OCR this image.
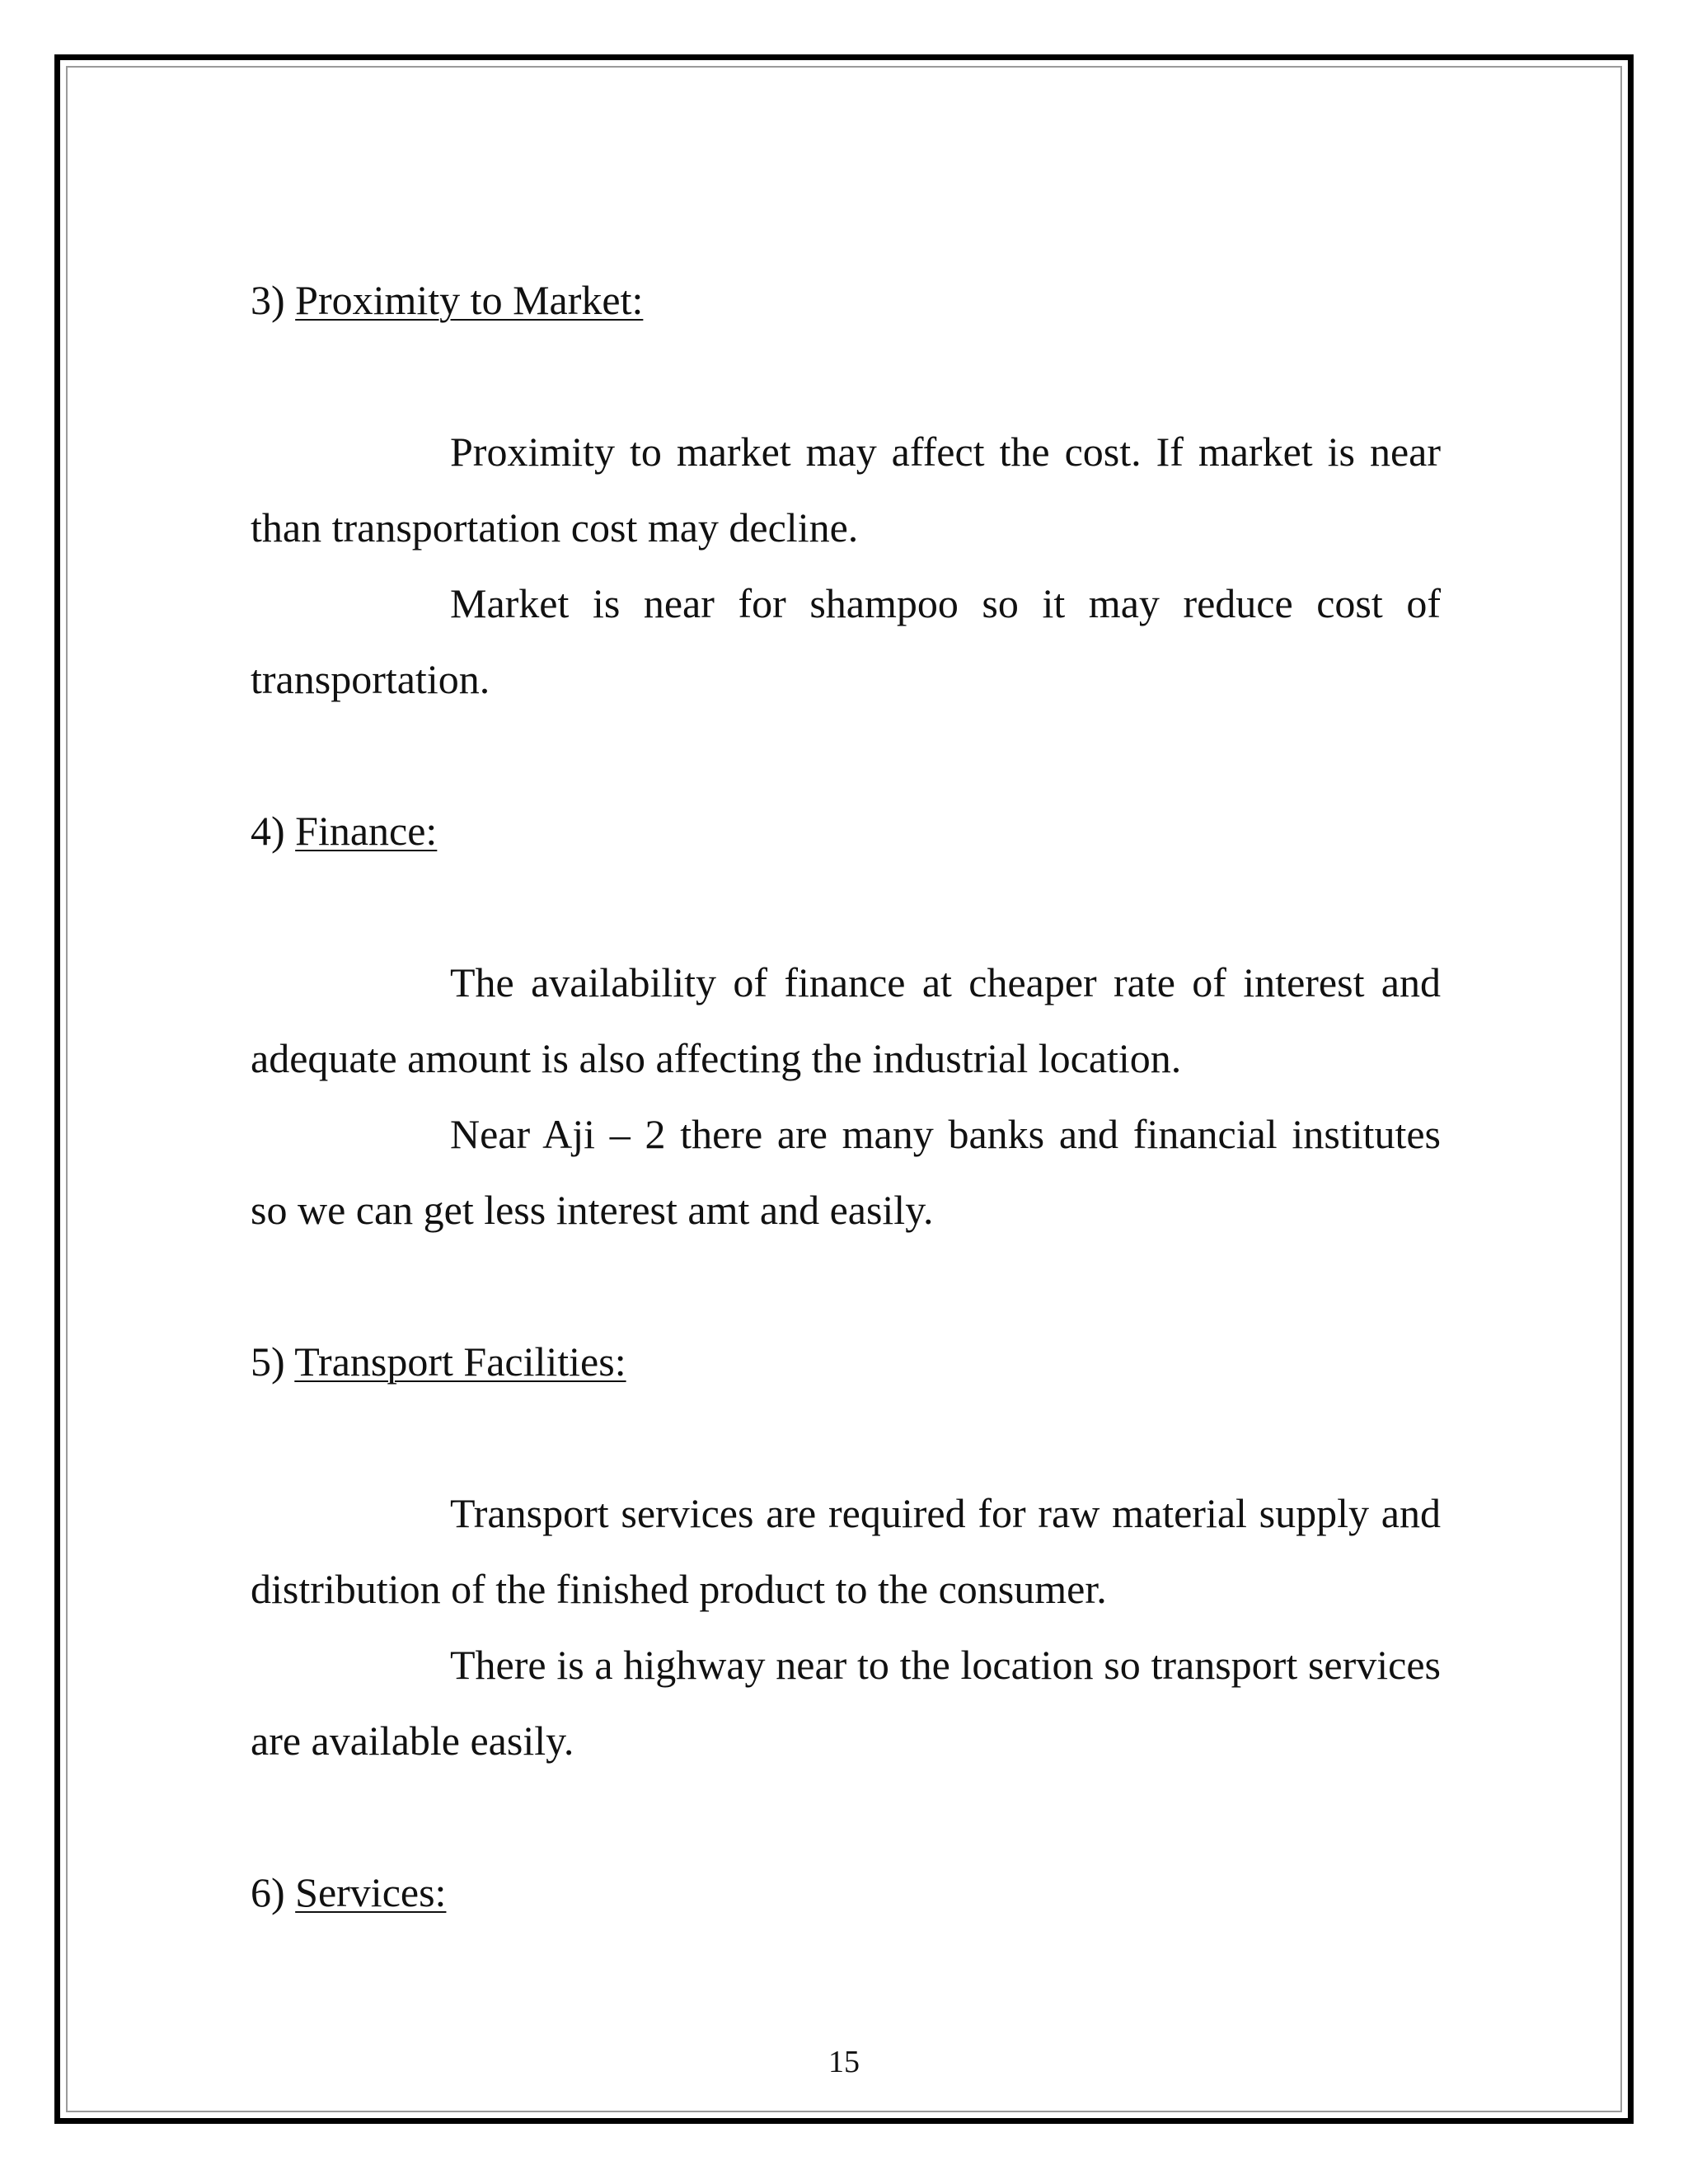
3) Proximity to Market:

Proximity to market may affect the cost. If market is near than transportation cost may decline.

Market is near for shampoo so it may reduce cost of transportation.

4) Finance:

The availability of finance at cheaper rate of interest and adequate amount is also affecting the industrial location.

Near Aji – 2 there are many banks and financial institutes so we can get less interest amt and easily.

5) Transport Facilities:

Transport services are required for raw material supply and distribution of the finished product to the consumer.

There is a highway near to the location so transport services are available easily.

6) Services:

15
